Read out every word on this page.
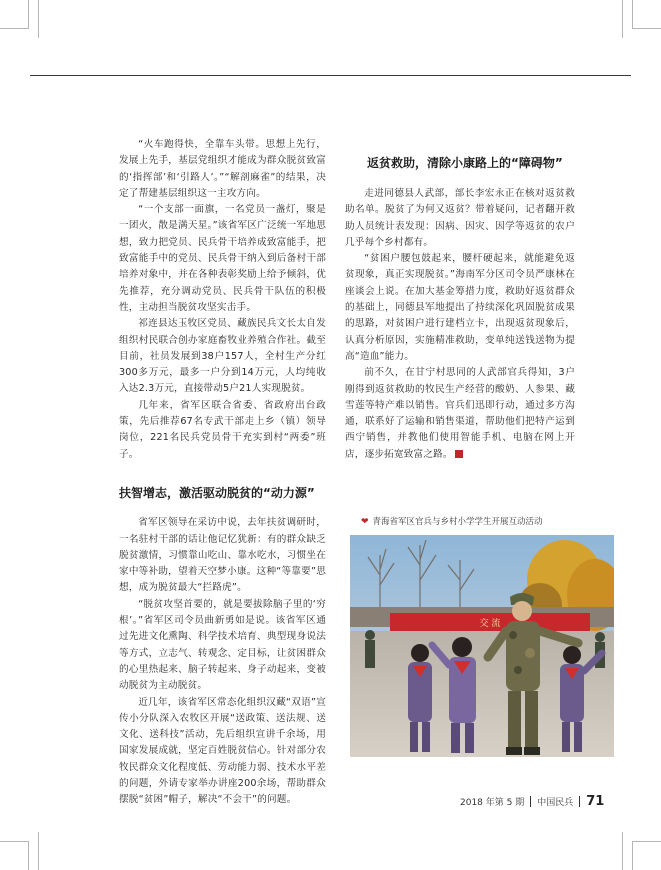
“火车跑得快，全靠车头带。思想上先行，发展上先手，基层党组织才能成为群众脱贫致富的‘指挥部’和‘引路人’。”“解剖麻雀”的结果，决定了帮建基层组织这一主攻方向。

“一个支部一面旗，一名党员一盏灯，聚是一团火，散是满天星。”该省军区广泛统一军地思想，致力把党员、民兵骨干培养成致富能手，把致富能手中的党员、民兵骨干纳入到后备村干部培养对象中，并在各种表彰奖励上给予倾斜，优先推荐，充分调动党员、民兵骨干队伍的积极性，主动担当脱贫攻坚实击手。

祁连县达玉牧区党员、藏族民兵文长太自发组织村民联合创办家庭畜牧业养殖合作社。截至目前，社员发展到38户157人，全村生产分红300多万元，最多一户分到14万元，人均纯收入达2.3万元，直接带动5户21人实现脱贫。

几年来，省军区联合省委、省政府出台政策，先后推荐67名专武干部走上乡（镇）领导岗位，221名民兵党员骨干充实到村“两委”班子。

扶智增志，激活驱动脱贫的“动力源”

省军区领导在采访中说，去年扶贫调研时，一名驻村干部的话让他记忆犹新：有的群众缺乏脱贫激情，习惯靠山吃山、靠水吃水，习惯坐在家中等补助，望着天空梦小康。这种“等靠要”思想，成为脱贫最大“拦路虎”。

“脱贫攻坚首要的，就是要拔除脑子里的‘穷根’。”省军区司令员曲新勇如是说。该省军区通过先进文化熏陶、科学技术培育、典型现身说法等方式，立志气、转观念、定目标，让贫困群众的心里热起来、脑子转起来、身子动起来，变被动脱贫为主动脱贫。

近几年，该省军区常态化组织汉藏“双语”宣传小分队深入农牧区开展“送政策、送法规、送文化、送科技”活动，先后组织宣讲千余场，用国家发展成就，坚定百姓脱贫信心。针对部分农牧民群众文化程度低、劳动能力弱、技术水平差的问题，外请专家举办讲座200余场，帮助群众摆脱“贫困”帽子，解决“不会干”的问题。

返贫救助，清除小康路上的“障碍物”

走进同德县人武部，部长李宏永正在核对返贫救助名单。脱贫了为何又返贫？带着疑问，记者翻开救助人员统计表发现：因病、因灾、因学等返贫的农户几乎每个乡村都有。

“贫困户腰包鼓起来，腰杆硬起来，就能避免返贫现象，真正实现脱贫。”海南军分区司令员严康林在座谈会上说。在加大基金筹措力度，救助好返贫群众的基础上，同德县军地提出了持续深化巩固脱贫成果的思路，对贫困户进行建档立卡，出现返贫现象后，认真分析原因，实施精准救助，变单纯送钱送物为提高“造血”能力。

前不久，在甘宁村思同的人武部官兵得知，3户刚得到返贫救助的牧民生产经营的酸奶、人参果、藏雪莲等特产难以销售。官兵们迅即行动，通过多方沟通，联系好了运输和销售渠道，帮助他们把特产运到西宁销售，并教他们使用智能手机、电脑在网上开店，逐步拓宽致富之路。

❤ 青海省军区官兵与乡村小学学生开展互动活动
交 流
2018 年第 5 期 中国民兵 71
